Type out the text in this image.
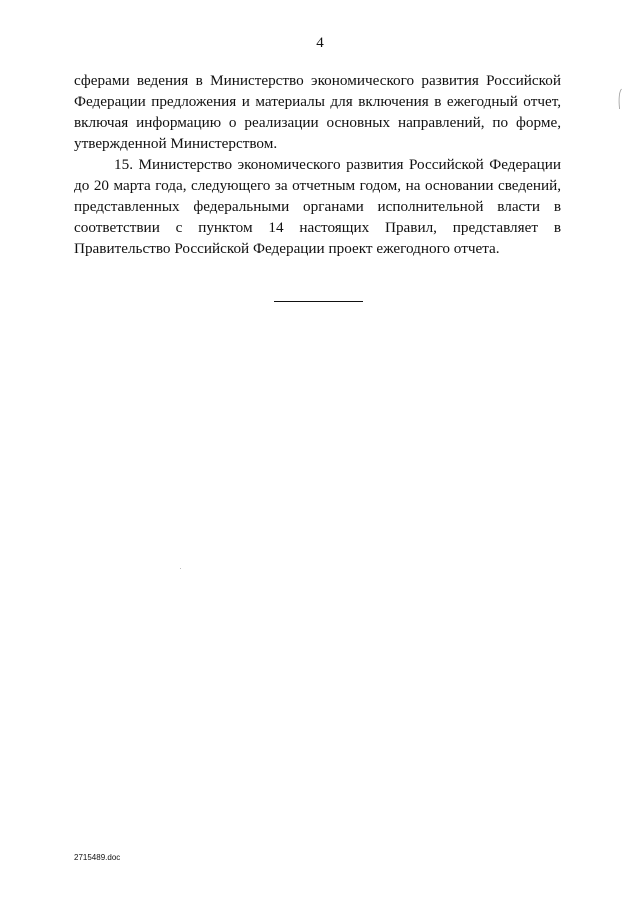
4

сферами ведения в Министерство экономического развития Российской Федерации предложения и материалы для включения в ежегодный отчет, включая информацию о реализации основных направлений, по форме, утвержденной Министерством.

15. Министерство экономического развития Российской Федерации до 20 марта года, следующего за отчетным годом, на основании сведений, представленных федеральными органами исполнительной власти в соответствии с пунктом 14 настоящих Правил, представляет в Правительство Российской Федерации проект ежегодного отчета.

2715489.doc
